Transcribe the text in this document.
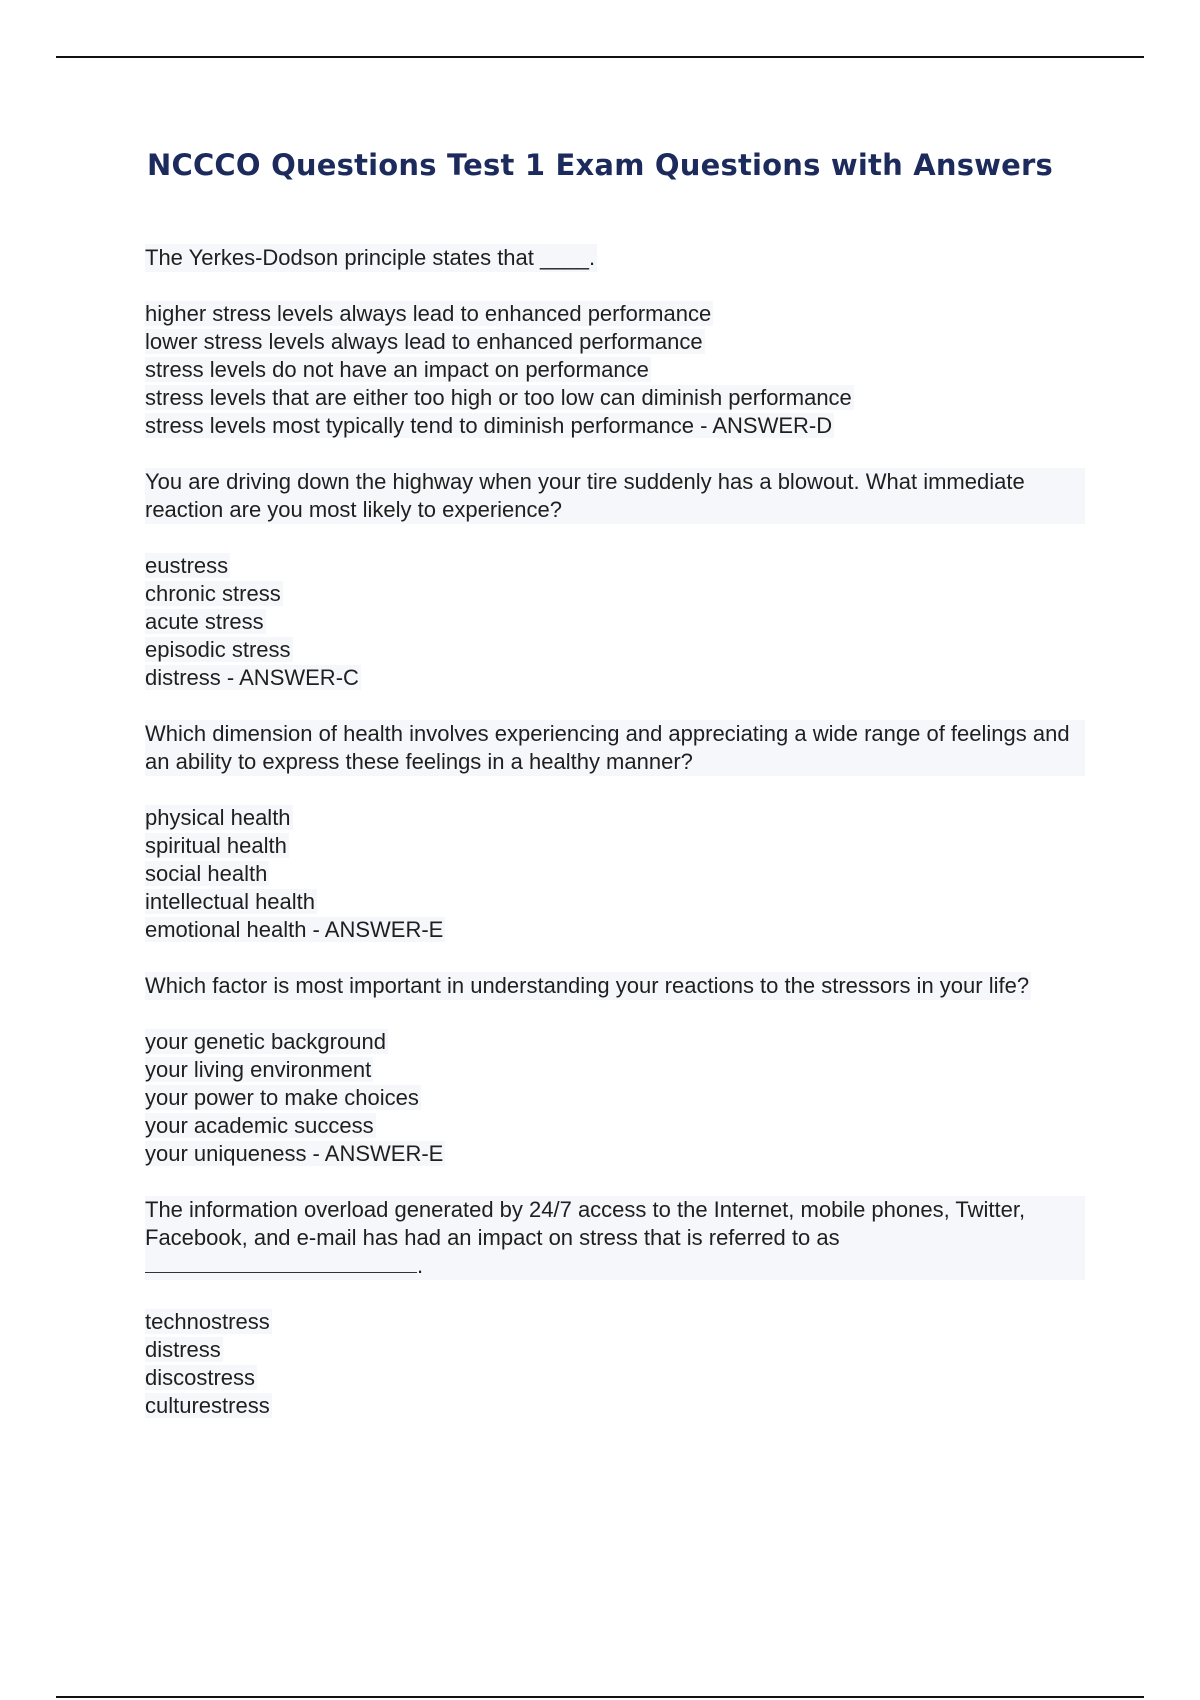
NCCCO Questions Test 1 Exam Questions with Answers
The Yerkes-Dodson principle states that ____.
higher stress levels always lead to enhanced performance
lower stress levels always lead to enhanced performance
stress levels do not have an impact on performance
stress levels that are either too high or too low can diminish performance
stress levels most typically tend to diminish performance - ANSWER-D
You are driving down the highway when your tire suddenly has a blowout. What immediate reaction are you most likely to experience?
eustress
chronic stress
acute stress
episodic stress
distress - ANSWER-C
Which dimension of health involves experiencing and appreciating a wide range of feelings and an ability to express these feelings in a healthy manner?
physical health
spiritual health
social health
intellectual health
emotional health - ANSWER-E
Which factor is most important in understanding your reactions to the stressors in your life?
your genetic background
your living environment
your power to make choices
your academic success
your uniqueness - ANSWER-E
The information overload generated by 24/7 access to the Internet, mobile phones, Twitter, Facebook, and e-mail has had an impact on stress that is referred to as
.
technostress
distress
discostress
culturestress
